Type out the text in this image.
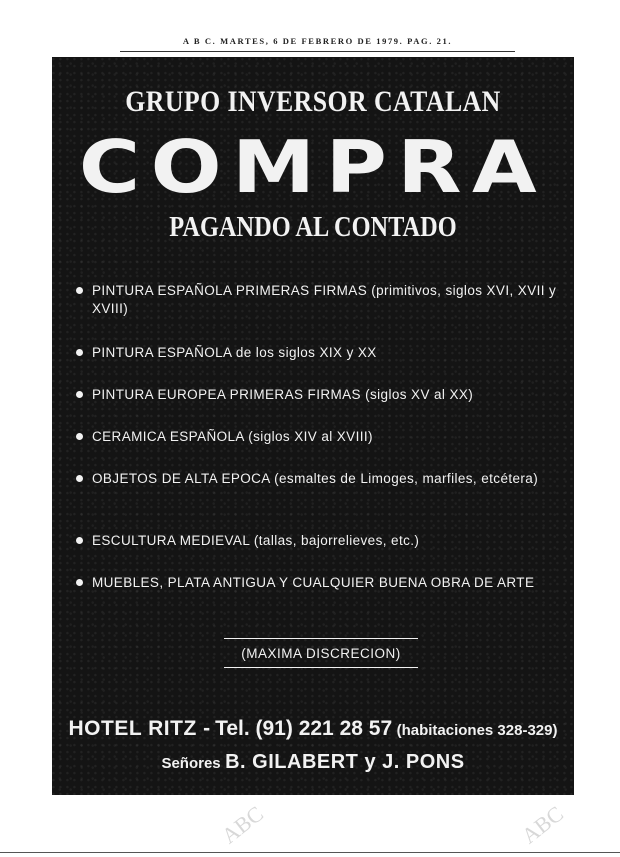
A B C. MARTES, 6 DE FEBRERO DE 1979. PAG. 21.
GRUPO INVERSOR CATALAN
COMPRA
PAGANDO AL CONTADO
PINTURA ESPAÑOLA PRIMERAS FIRMAS (primitivos, siglos XVI, XVII y XVIII)
PINTURA ESPAÑOLA de los siglos XIX y XX
PINTURA EUROPEA PRIMERAS FIRMAS (siglos XV al XX)
CERAMICA ESPAÑOLA (siglos XIV al XVIII)
OBJETOS DE ALTA EPOCA (esmaltes de Limoges, marfiles, etcétera)
ESCULTURA MEDIEVAL (tallas, bajorrelieves, etc.)
MUEBLES, PLATA ANTIGUA Y CUALQUIER BUENA OBRA DE ARTE
(MAXIMA DISCRECION)
HOTEL RITZ - Tel. (91) 221 28 57 (habitaciones 328-329)
Señores B. GILABERT y J. PONS
ABC	ABC
